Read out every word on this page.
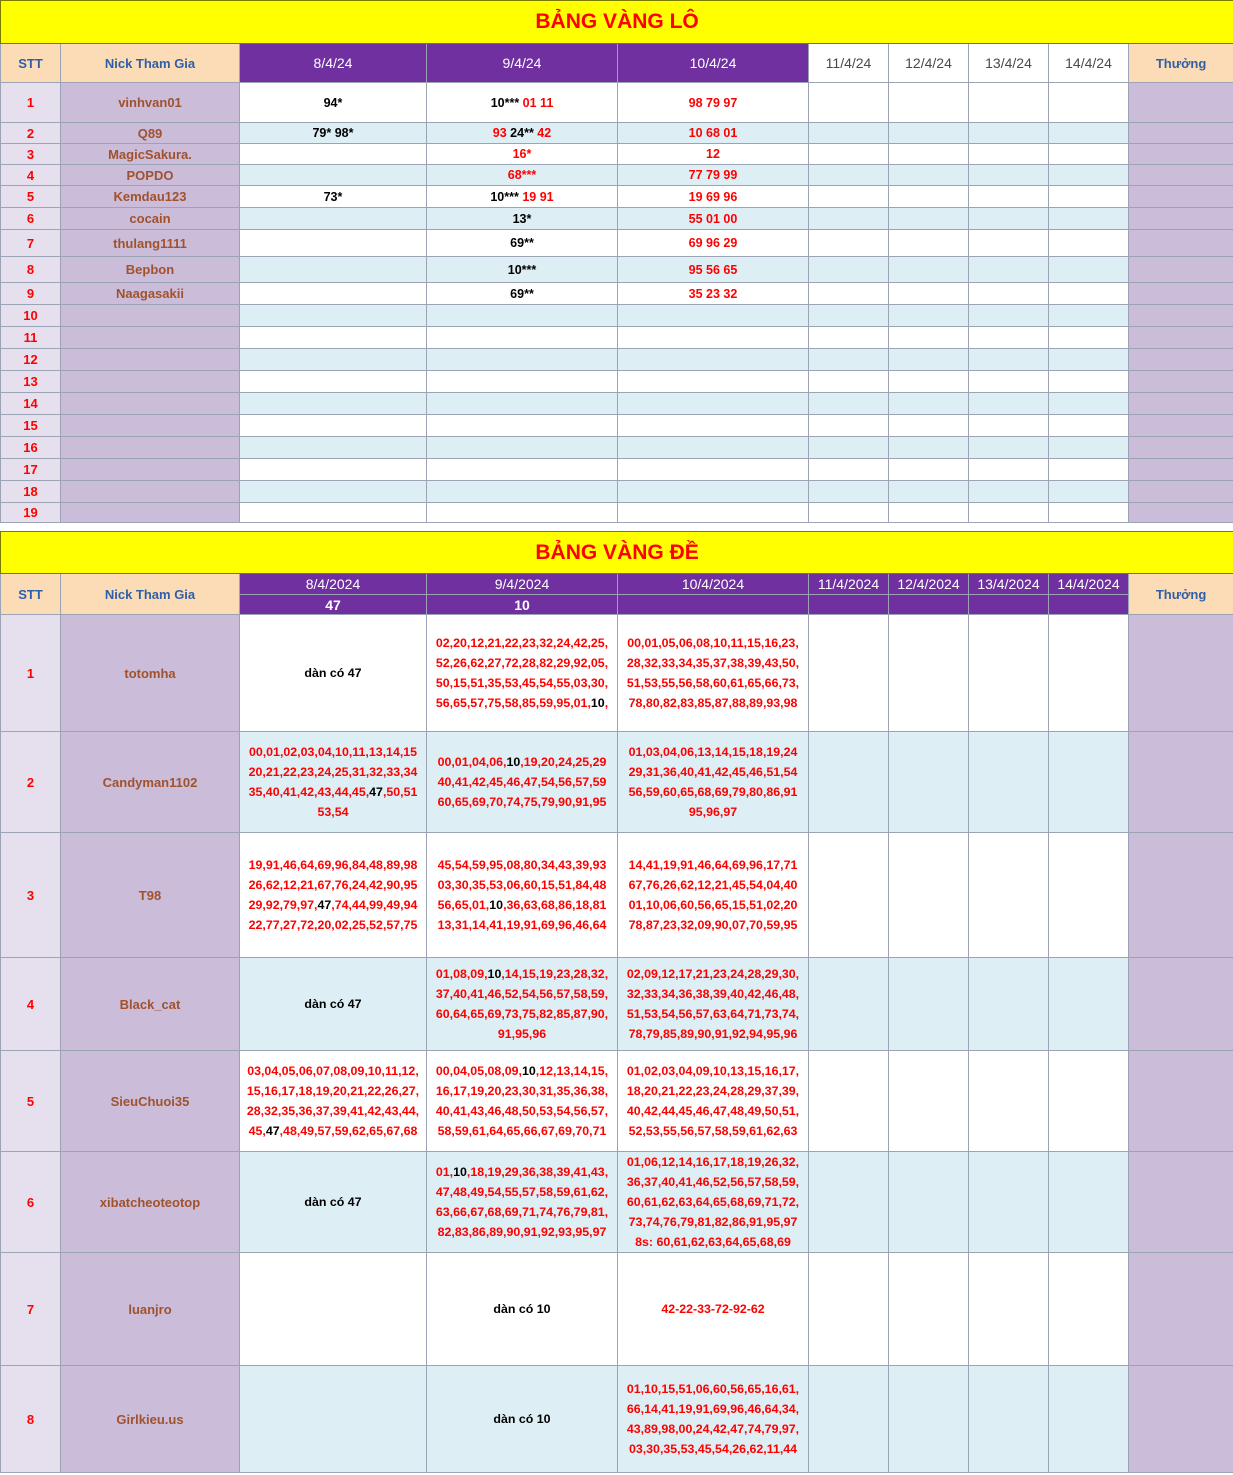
BẢNG VÀNG LÔ									
STT	Nick Tham Gia	8/4/24	9/4/24	10/4/24	11/4/24	12/4/24	13/4/24	14/4/24	Thưởng
1	vinhvan01	94*	10*** 01 11	98 79 97					
2	Q89	79* 98*	93 24** 42	10 68 01					
3	MagicSakura.		16*	12					
4	POPDO		68***	77 79 99					
5	Kemdau123	73*	10*** 19 91	19 69 96					
6	cocain		13*	55 01 00					
7	thulang1111		69**	69 96 29					
8	Bepbon		10***	95 56 65					
9	Naagasakii		69**	35 23 32					
10									
11									
12									
13									
14									
15									
16									
17									
18									
19									
BẢNG VÀNG ĐỀ									
STT	Nick Tham Gia	8/4/2024	9/4/2024	10/4/2024	11/4/2024	12/4/2024	13/4/2024	14/4/2024	Thưởng
		47	10						
1	totomha	dàn có 47	02,20,12,21,22,23,32,24,42,25,
52,26,62,27,72,28,82,29,92,05,
50,15,51,35,53,45,54,55,03,30,
56,65,57,75,58,85,59,95,01,10,	00,01,05,06,08,10,11,15,16,23,
28,32,33,34,35,37,38,39,43,50,
51,53,55,56,58,60,61,65,66,73,
78,80,82,83,85,87,88,89,93,98					
2	Candyman1102	00,01,02,03,04,10,11,13,14,15
20,21,22,23,24,25,31,32,33,34
35,40,41,42,43,44,45,47,50,51
53,54	00,01,04,06,10,19,20,24,25,29
40,41,42,45,46,47,54,56,57,59
60,65,69,70,74,75,79,90,91,95	01,03,04,06,13,14,15,18,19,24
29,31,36,40,41,42,45,46,51,54
56,59,60,65,68,69,79,80,86,91
95,96,97					
3	T98	19,91,46,64,69,96,84,48,89,98
26,62,12,21,67,76,24,42,90,95
29,92,79,97,47,74,44,99,49,94
22,77,27,72,20,02,25,52,57,75	45,54,59,95,08,80,34,43,39,93
03,30,35,53,06,60,15,51,84,48
56,65,01,10,36,63,68,86,18,81
13,31,14,41,19,91,69,96,46,64	14,41,19,91,46,64,69,96,17,71
67,76,26,62,12,21,45,54,04,40
01,10,06,60,56,65,15,51,02,20
78,87,23,32,09,90,07,70,59,95					
4	Black_cat	dàn có 47	01,08,09,10,14,15,19,23,28,32,
37,40,41,46,52,54,56,57,58,59,
60,64,65,69,73,75,82,85,87,90,
91,95,96	02,09,12,17,21,23,24,28,29,30,
32,33,34,36,38,39,40,42,46,48,
51,53,54,56,57,63,64,71,73,74,
78,79,85,89,90,91,92,94,95,96					
5	SieuChuoi35	03,04,05,06,07,08,09,10,11,12,
15,16,17,18,19,20,21,22,26,27,
28,32,35,36,37,39,41,42,43,44,
45,47,48,49,57,59,62,65,67,68	00,04,05,08,09,10,12,13,14,15,
16,17,19,20,23,30,31,35,36,38,
40,41,43,46,48,50,53,54,56,57,
58,59,61,64,65,66,67,69,70,71	01,02,03,04,09,10,13,15,16,17,
18,20,21,22,23,24,28,29,37,39,
40,42,44,45,46,47,48,49,50,51,
52,53,55,56,57,58,59,61,62,63					
6	xibatcheoteotop	dàn có 47	01,10,18,19,29,36,38,39,41,43,
47,48,49,54,55,57,58,59,61,62,
63,66,67,68,69,71,74,76,79,81,
82,83,86,89,90,91,92,93,95,97	01,06,12,14,16,17,18,19,26,32,
36,37,40,41,46,52,56,57,58,59,
60,61,62,63,64,65,68,69,71,72,
73,74,76,79,81,82,86,91,95,97
8s: 60,61,62,63,64,65,68,69					
7	luanjro		dàn có 10	42-22-33-72-92-62					
8	Girlkieu.us		dàn có 10	01,10,15,51,06,60,56,65,16,61,
66,14,41,19,91,69,96,46,64,34,
43,89,98,00,24,42,47,74,79,97,
03,30,35,53,45,54,26,62,11,44					
